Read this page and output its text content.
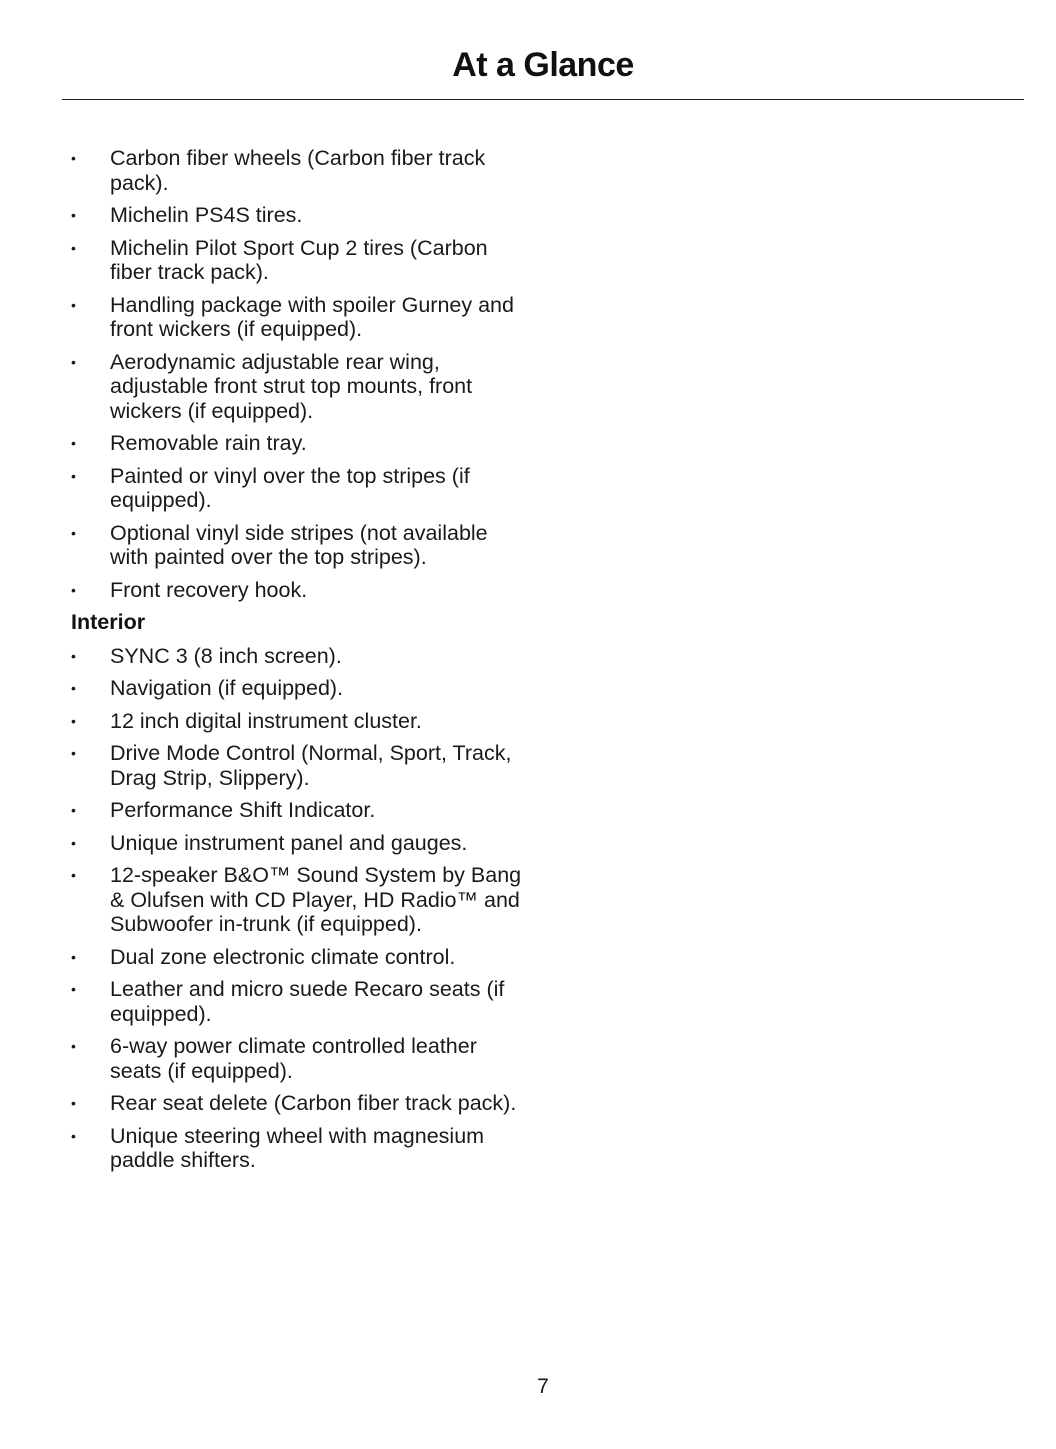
At a Glance
• Carbon fiber wheels (Carbon fiber track pack).
• Michelin PS4S tires.
• Michelin Pilot Sport Cup 2 tires (Carbon fiber track pack).
• Handling package with spoiler Gurney and front wickers (if equipped).
• Aerodynamic adjustable rear wing, adjustable front strut top mounts, front wickers (if equipped).
• Removable rain tray.
• Painted or vinyl over the top stripes (if equipped).
• Optional vinyl side stripes (not available with painted over the top stripes).
• Front recovery hook.
Interior
• SYNC 3 (8 inch screen).
• Navigation (if equipped).
• 12 inch digital instrument cluster.
• Drive Mode Control (Normal, Sport, Track, Drag Strip, Slippery).
• Performance Shift Indicator.
• Unique instrument panel and gauges.
• 12-speaker B&O™ Sound System by Bang & Olufsen with CD Player, HD Radio™ and Subwoofer in-trunk (if equipped).
• Dual zone electronic climate control.
• Leather and micro suede Recaro seats (if equipped).
• 6-way power climate controlled leather seats (if equipped).
• Rear seat delete (Carbon fiber track pack).
• Unique steering wheel with magnesium paddle shifters.
7
